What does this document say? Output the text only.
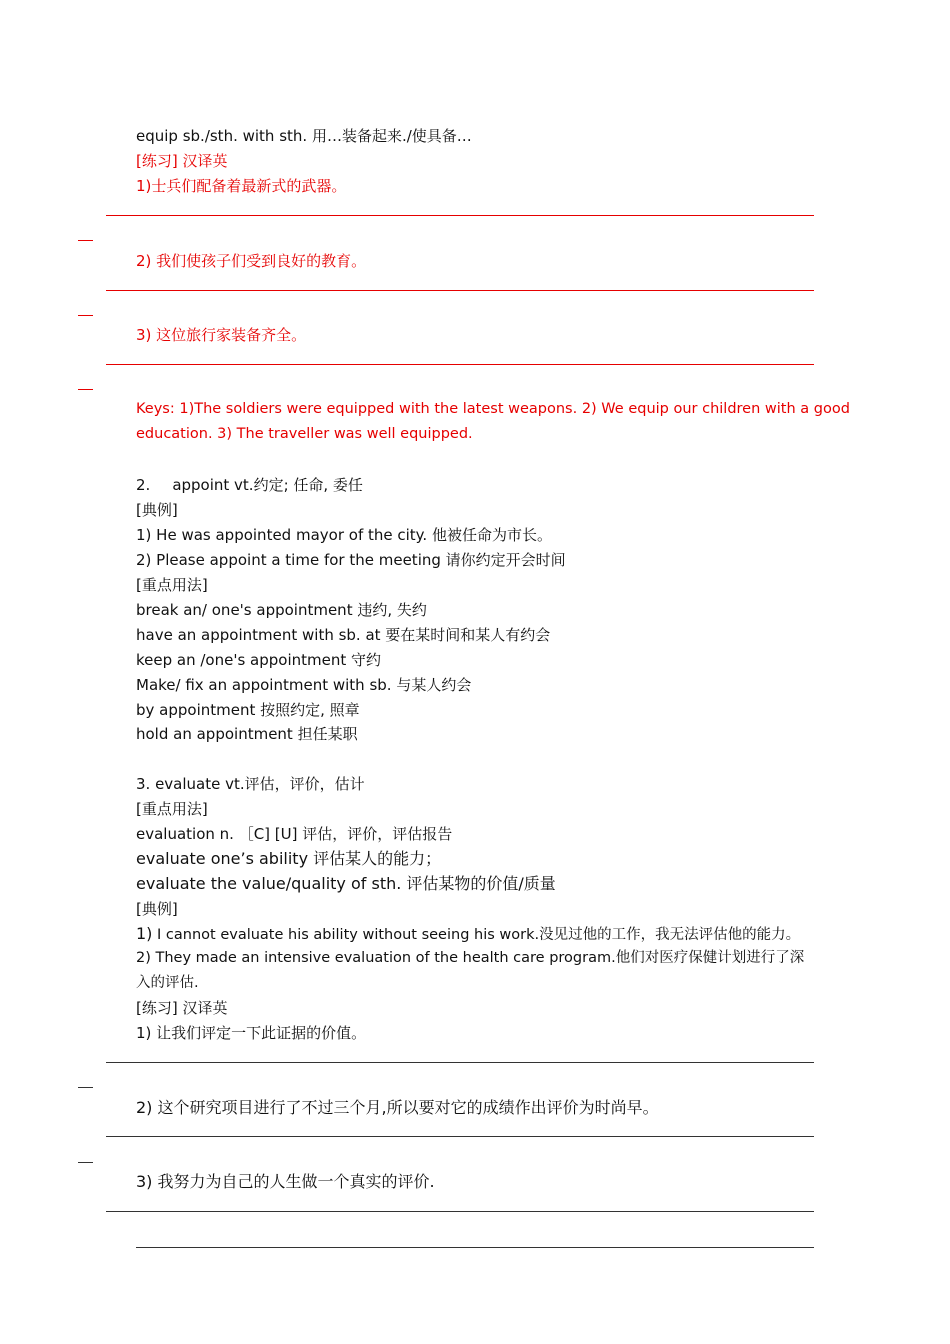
equip sb./sth. with sth. 用…装备起来./使具备…
[练习] 汉译英
1)士兵们配备着最新式的武器。
2) 我们使孩子们受到良好的教育。
3) 这位旅行家装备齐全。
Keys: 1)The soldiers were equipped with the latest weapons. 2) We equip our children with a good
education. 3) The traveller was well equipped.
2. appoint vt.约定; 任命, 委任
[典例]
1) He was appointed mayor of the city. 他被任命为市长。
2) Please appoint a time for the meeting 请你约定开会时间
[重点用法]
break an/ one's appointment 违约, 失约
have an appointment with sb. at 要在某时间和某人有约会
keep an /one's appointment 守约
Make/ fix an appointment with sb. 与某人约会
by appointment 按照约定, 照章
hold an appointment 担任某职
3. evaluate vt.评估，评价，估计
[重点用法]
evaluation n. ［C] [U] 评估，评价，评估报告
evaluate one’s ability 评估某人的能力；
evaluate the value/quality of sth. 评估某物的价值/质量
[典例]
1) I cannot evaluate his ability without seeing his work.没见过他的工作，我无法评估他的能力。
2) They made an intensive evaluation of the health care program.他们对医疗保健计划进行了深入的评估.
[练习] 汉译英
1) 让我们评定一下此证据的价值。
2) 这个研究项目进行了不过三个月,所以要对它的成绩作出评价为时尚早。
3) 我努力为自己的人生做一个真实的评价.
